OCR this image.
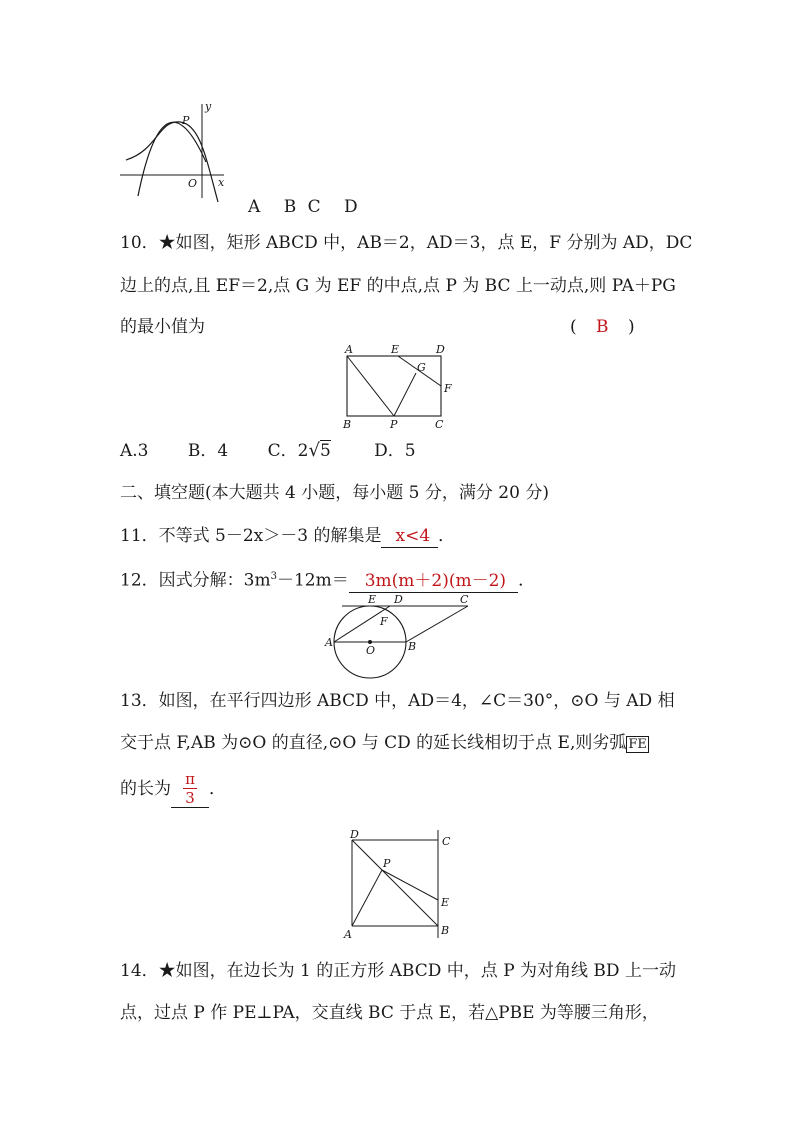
y
x
O
P
A B C D
10．★如图，矩形 ABCD 中，AB＝2，AD＝3，点 E，F 分别为 AD，DC
边上的点,且 EF＝2,点 G 为 EF 的中点,点 P 为 BC 上一动点,则 PA＋PG
的最小值为	( B )
A	E	D
G
F
B	P	C
A.3 B．4 C．2√5	D．5
二、填空题(本大题共 4 小题，每小题 5 分，满分 20 分)
11．不等式 5－2x＞－3 的解集是 x<4 ．
12．因式分解：$3m^3-12m= 3m(m+2)(m-2)$ ．
E D	C
F
A
O	B
13．如图，在平行四边形 ABCD 中，AD＝4，∠C＝30°，⊙O 与 AD 相
交于点 F,AB 为⊙O 的直径,⊙O 与 CD 的延长线相切于点 E,则劣弧 FE
的长为 $\frac{\pi}{3}$ ．
D
C
P
E
A	B
14．★如图，在边长为 1 的正方形 ABCD 中，点 P 为对角线 BD 上一动
点，过点 P 作 PE⊥PA，交直线 BC 于点 E，若△PBE 为等腰三角形，
